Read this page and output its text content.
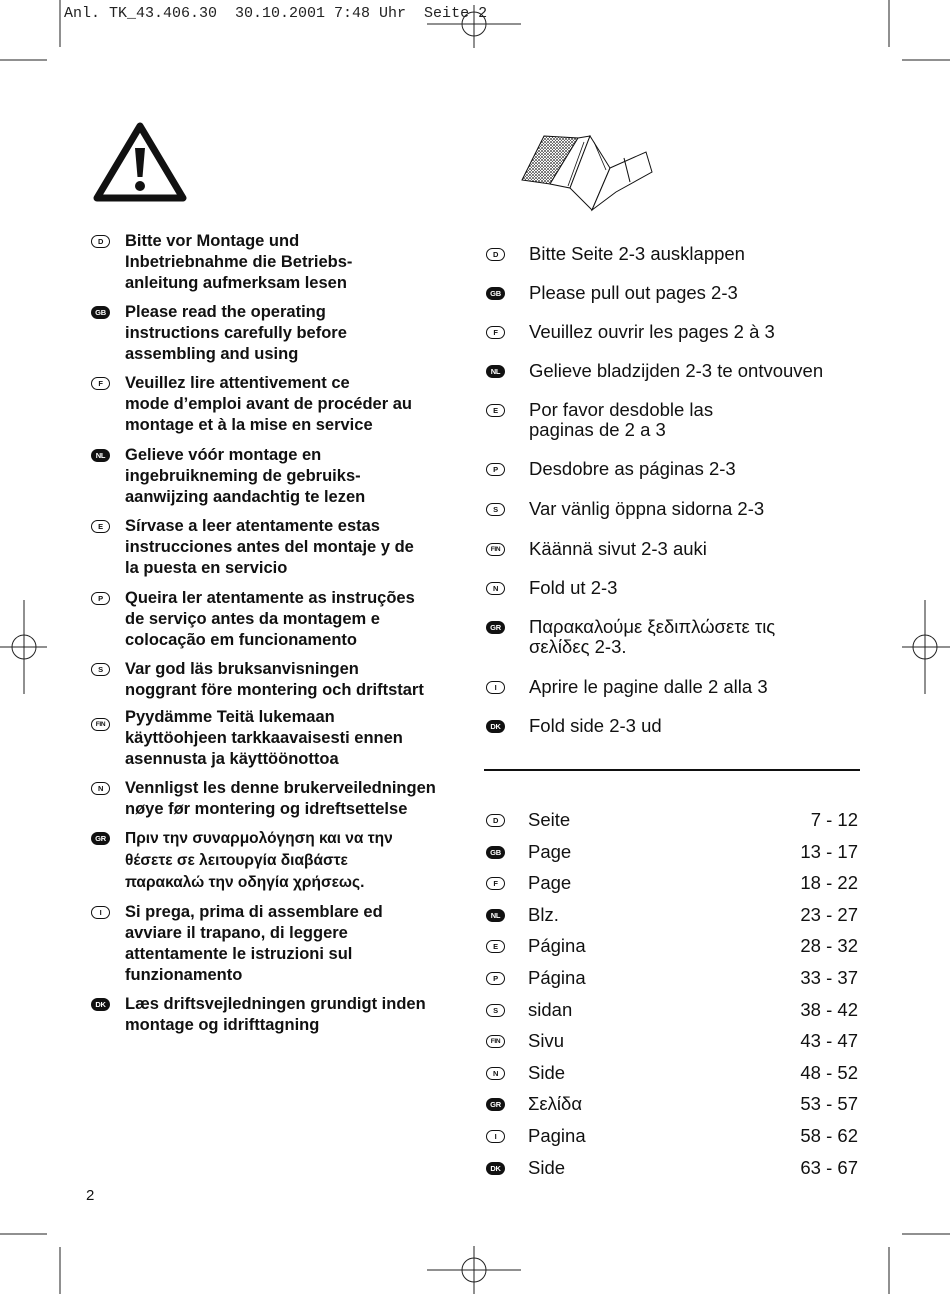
Anl. TK_43.406.30  30.10.2001 7:48 Uhr  Seite 2
D	Bitte vor Montage und
Inbetriebnahme die Betriebs-
anleitung aufmerksam lesen
GB Please read the operating
instructions carefully before
assembling and using
F	Veuillez lire attentivement ce
mode d’emploi avant de procéder au
montage et à la mise en service
NL Gelieve vóór montage en
ingebruikneming de gebruiks-
aanwijzing aandachtig te lezen
E	Sírvase a leer atentamente estas
instrucciones antes del montaje y de
la puesta en servicio
P	Queira ler atentamente as instruções
de serviço antes da montagem e
colocação em funcionamento
S	Var god läs bruksanvisningen
noggrant före montering och driftstart
FIN Pyydämme Teitä lukemaan
käyttöohjeen tarkkaavaisesti ennen
asennusta ja käyttöönottoa
N	Vennligst les denne brukerveiledningen
nøye før montering og idreftsettelse
GR Πριν την συναρμολόγηση και να την
θέσετε σε λειτουργία διαβάστε
παρακαλώ την οδηγία χρήσεως.
I	Si prega, prima di assemblare ed
avviare il trapano, di leggere
attentamente le istruzioni sul
funzionamento
DK Læs driftsvejledningen grundigt inden
montage og idrifttagning
D	Bitte Seite 2-3 ausklappen
GB Please pull out pages 2-3
F	Veuillez ouvrir les pages 2 à 3
NL Gelieve bladzijden 2-3 te ontvouven
E	Por favor desdoble las
paginas de 2 a 3
P	Desdobre as páginas 2-3
S	Var vänlig öppna sidorna 2-3
FIN Käännä sivut 2-3 auki
N	Fold ut 2-3
GR Παρακαλούμε ξεδιπλώσετε τις
σελίδες 2-3.
I	Aprire le pagine dalle 2 alla 3
DK Fold side 2-3 ud
D	Seite	7 - 12
GB Page	13 - 17
F	Page	18 - 22
NL Blz.	23 - 27
E	Página	28 - 32
P	Página	33 - 37
S	sidan	38 - 42
FIN Sivu	43 - 47
N	Side	48 - 52
GR Σελίδα	53 - 57
I	Pagina	58 - 62
DK Side	63 - 67
2
